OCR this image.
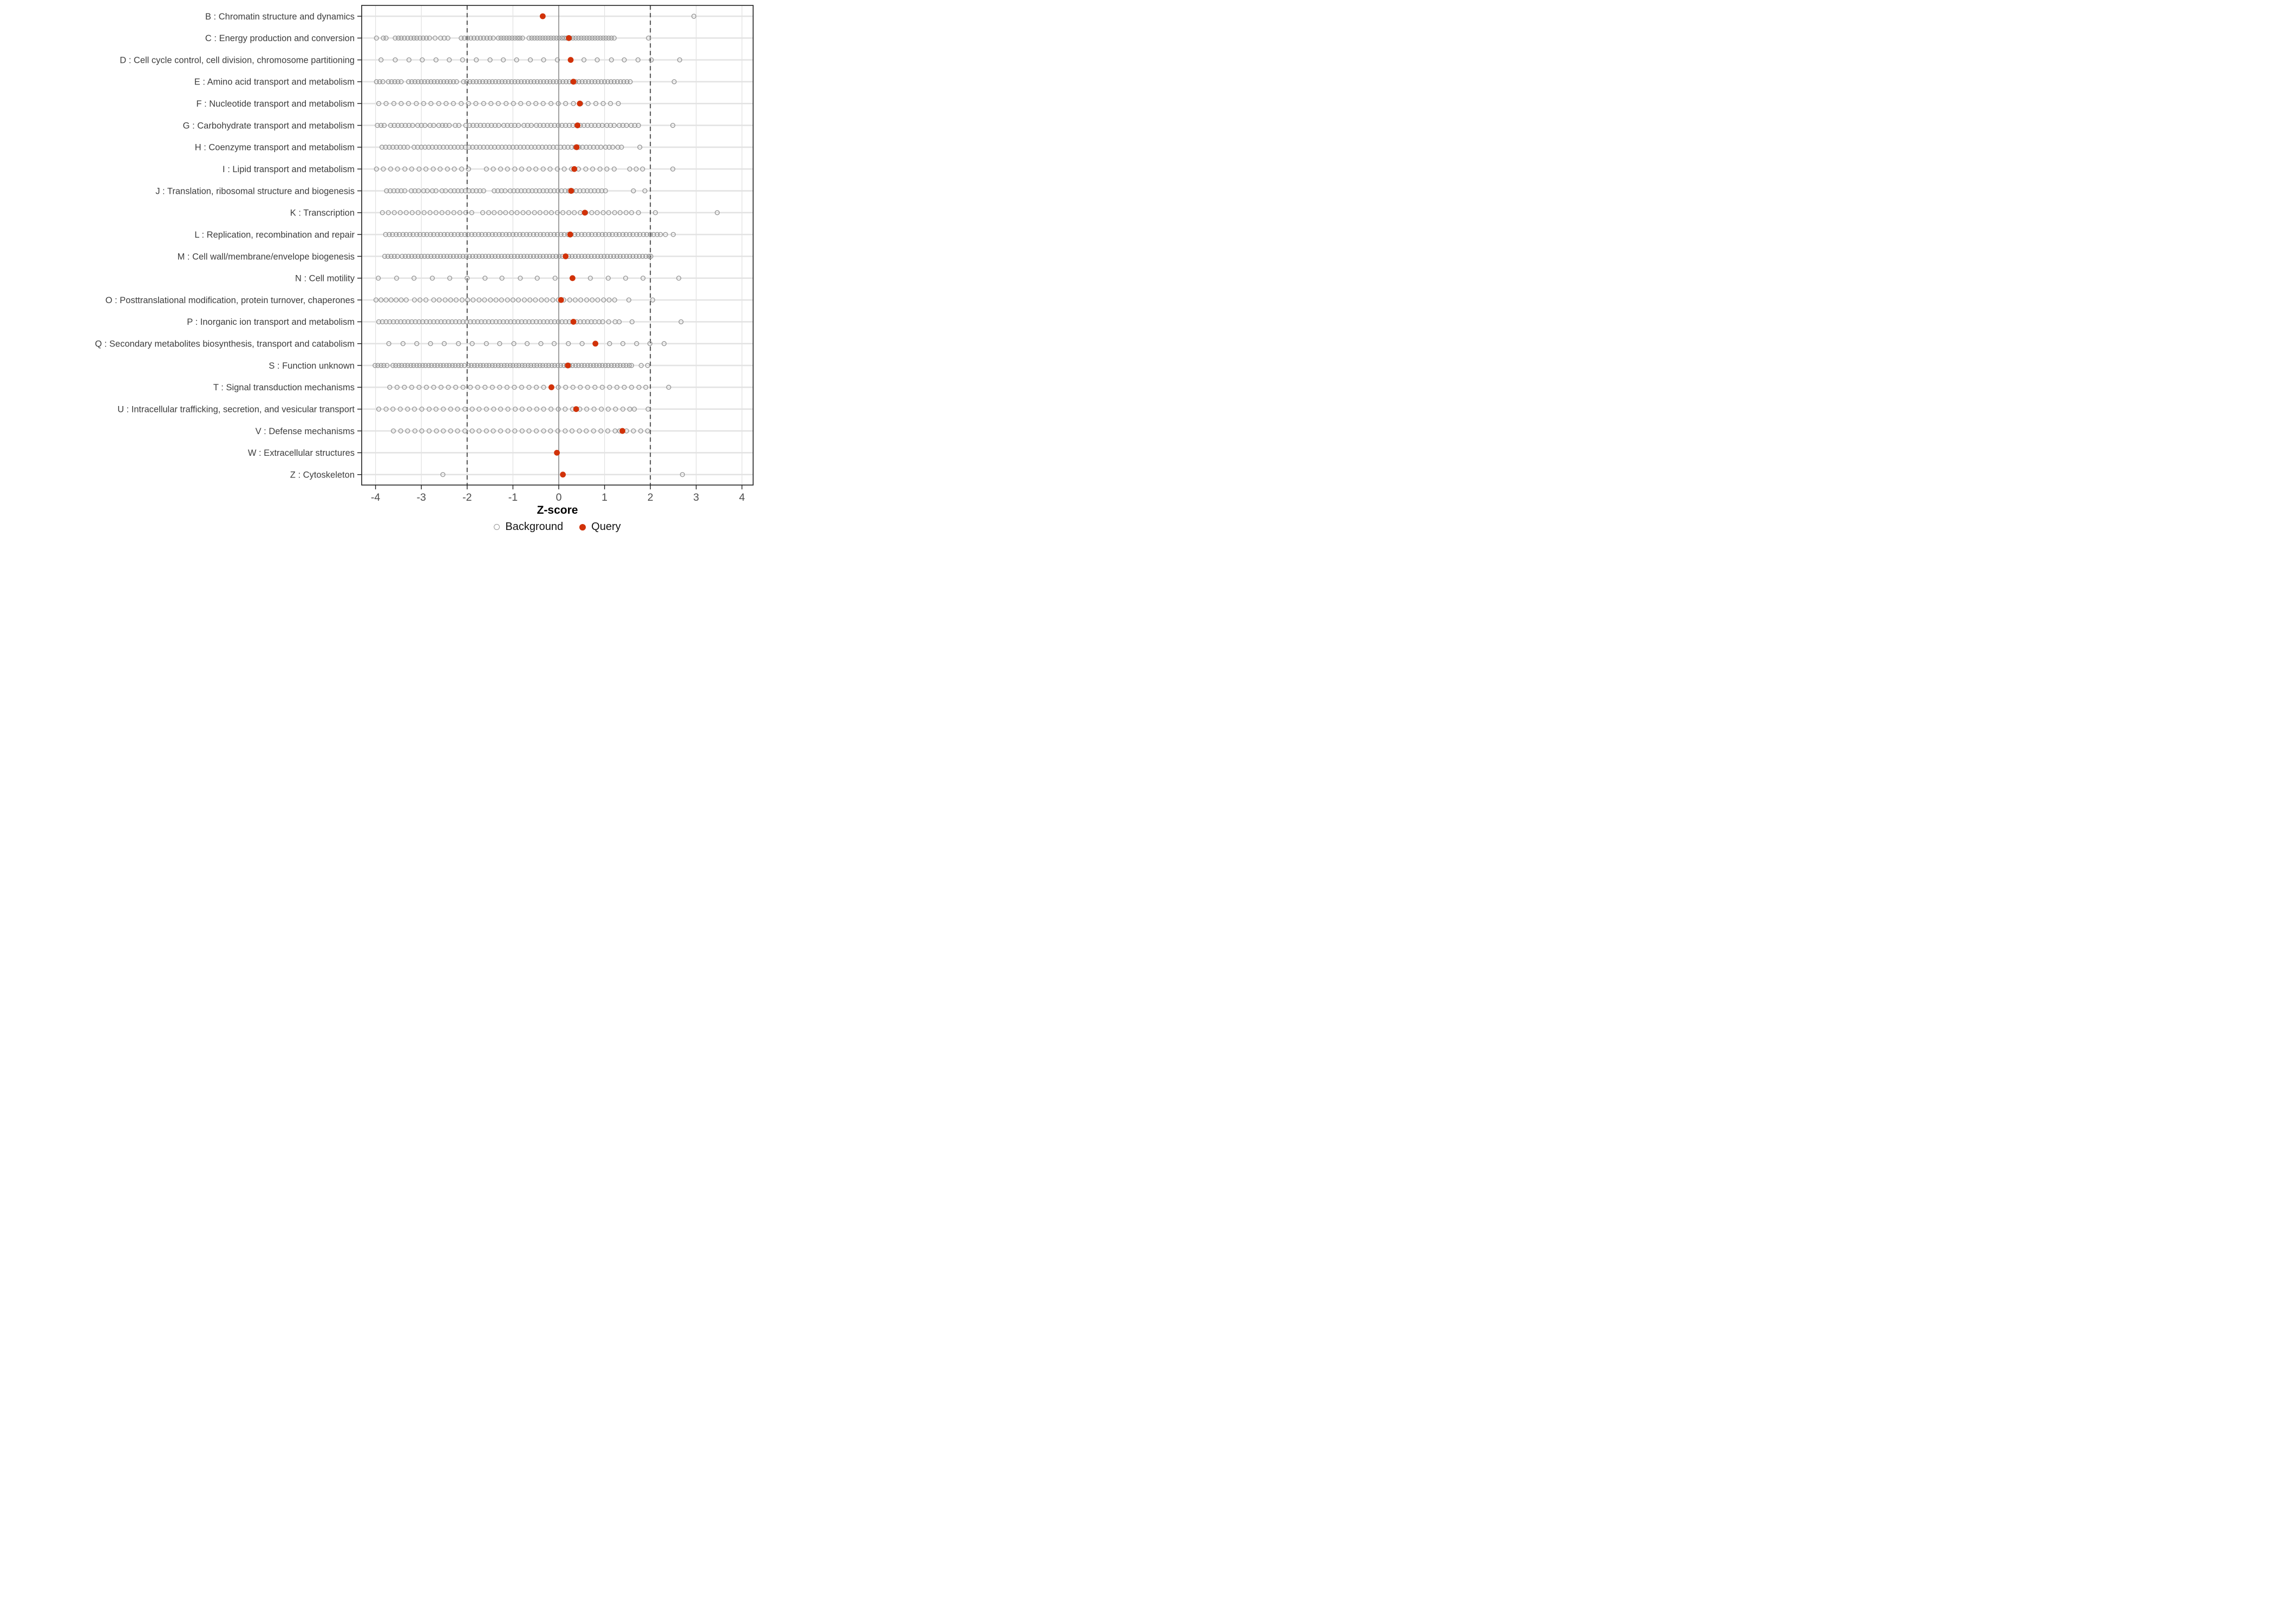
-4	-3	-2	-1	0	1	2	3	4
B : Chromatin structure and dynamics
C : Energy production and conversion
D : Cell cycle control, cell division, chromosome partitioning
E : Amino acid transport and metabolism
F : Nucleotide transport and metabolism
G : Carbohydrate transport and metabolism
H : Coenzyme transport and metabolism
I : Lipid transport and metabolism
J : Translation, ribosomal structure and biogenesis
K : Transcription
L : Replication, recombination and repair
M : Cell wall/membrane/envelope biogenesis
N : Cell motility
O : Posttranslational modification, protein turnover, chaperones
P : Inorganic ion transport and metabolism
Q : Secondary metabolites biosynthesis, transport and catabolism
S : Function unknown
T : Signal transduction mechanisms
U : Intracellular trafficking, secretion, and vesicular transport
V : Defense mechanisms
W : Extracellular structures
Z : Cytoskeleton
Z-score
Background	Query
